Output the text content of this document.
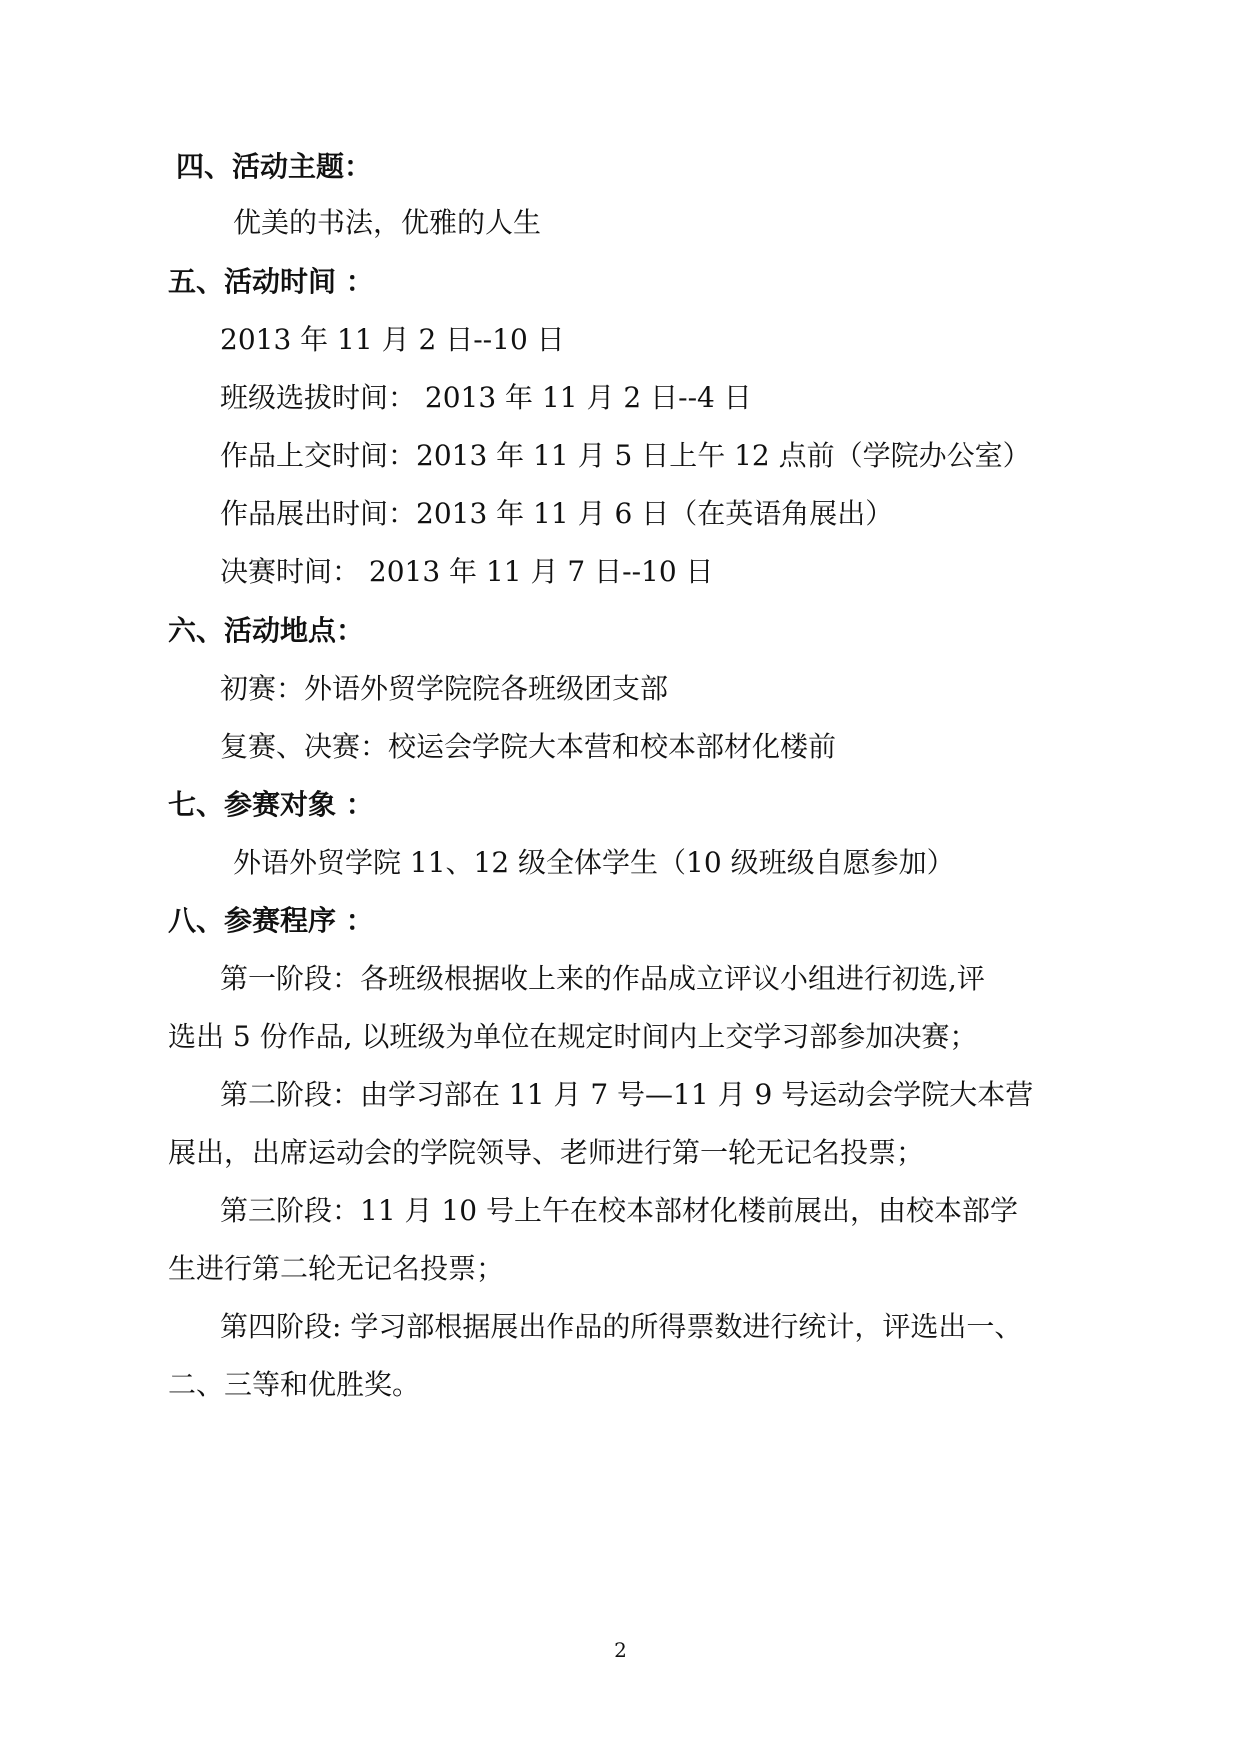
四、活动主题：
优美的书法，优雅的人生
五、活动时间 ：
2013 年 11 月 2 日--10 日
班级选拔时间： 2013 年 11 月 2 日--4 日
作品上交时间：2013 年 11 月 5 日上午 12 点前（学院办公室）
作品展出时间：2013 年 11 月 6 日（在英语角展出）
决赛时间： 2013 年 11 月 7 日--10 日
六、活动地点：
初赛：外语外贸学院院各班级团支部
复赛、决赛：校运会学院大本营和校本部材化楼前
七、参赛对象 ：
外语外贸学院 11、12 级全体学生（10 级班级自愿参加）
八、参赛程序 ：
第一阶段：各班级根据收上来的作品成立评议小组进行初选,评
选出 5 份作品, 以班级为单位在规定时间内上交学习部参加决赛；
第二阶段：由学习部在 11 月 7 号—11 月 9 号运动会学院大本营
展出，出席运动会的学院领导、老师进行第一轮无记名投票；
第三阶段：11 月 10 号上午在校本部材化楼前展出，由校本部学
生进行第二轮无记名投票；
第四阶段: 学习部根据展出作品的所得票数进行统计，评选出一、
二、三等和优胜奖。
2
